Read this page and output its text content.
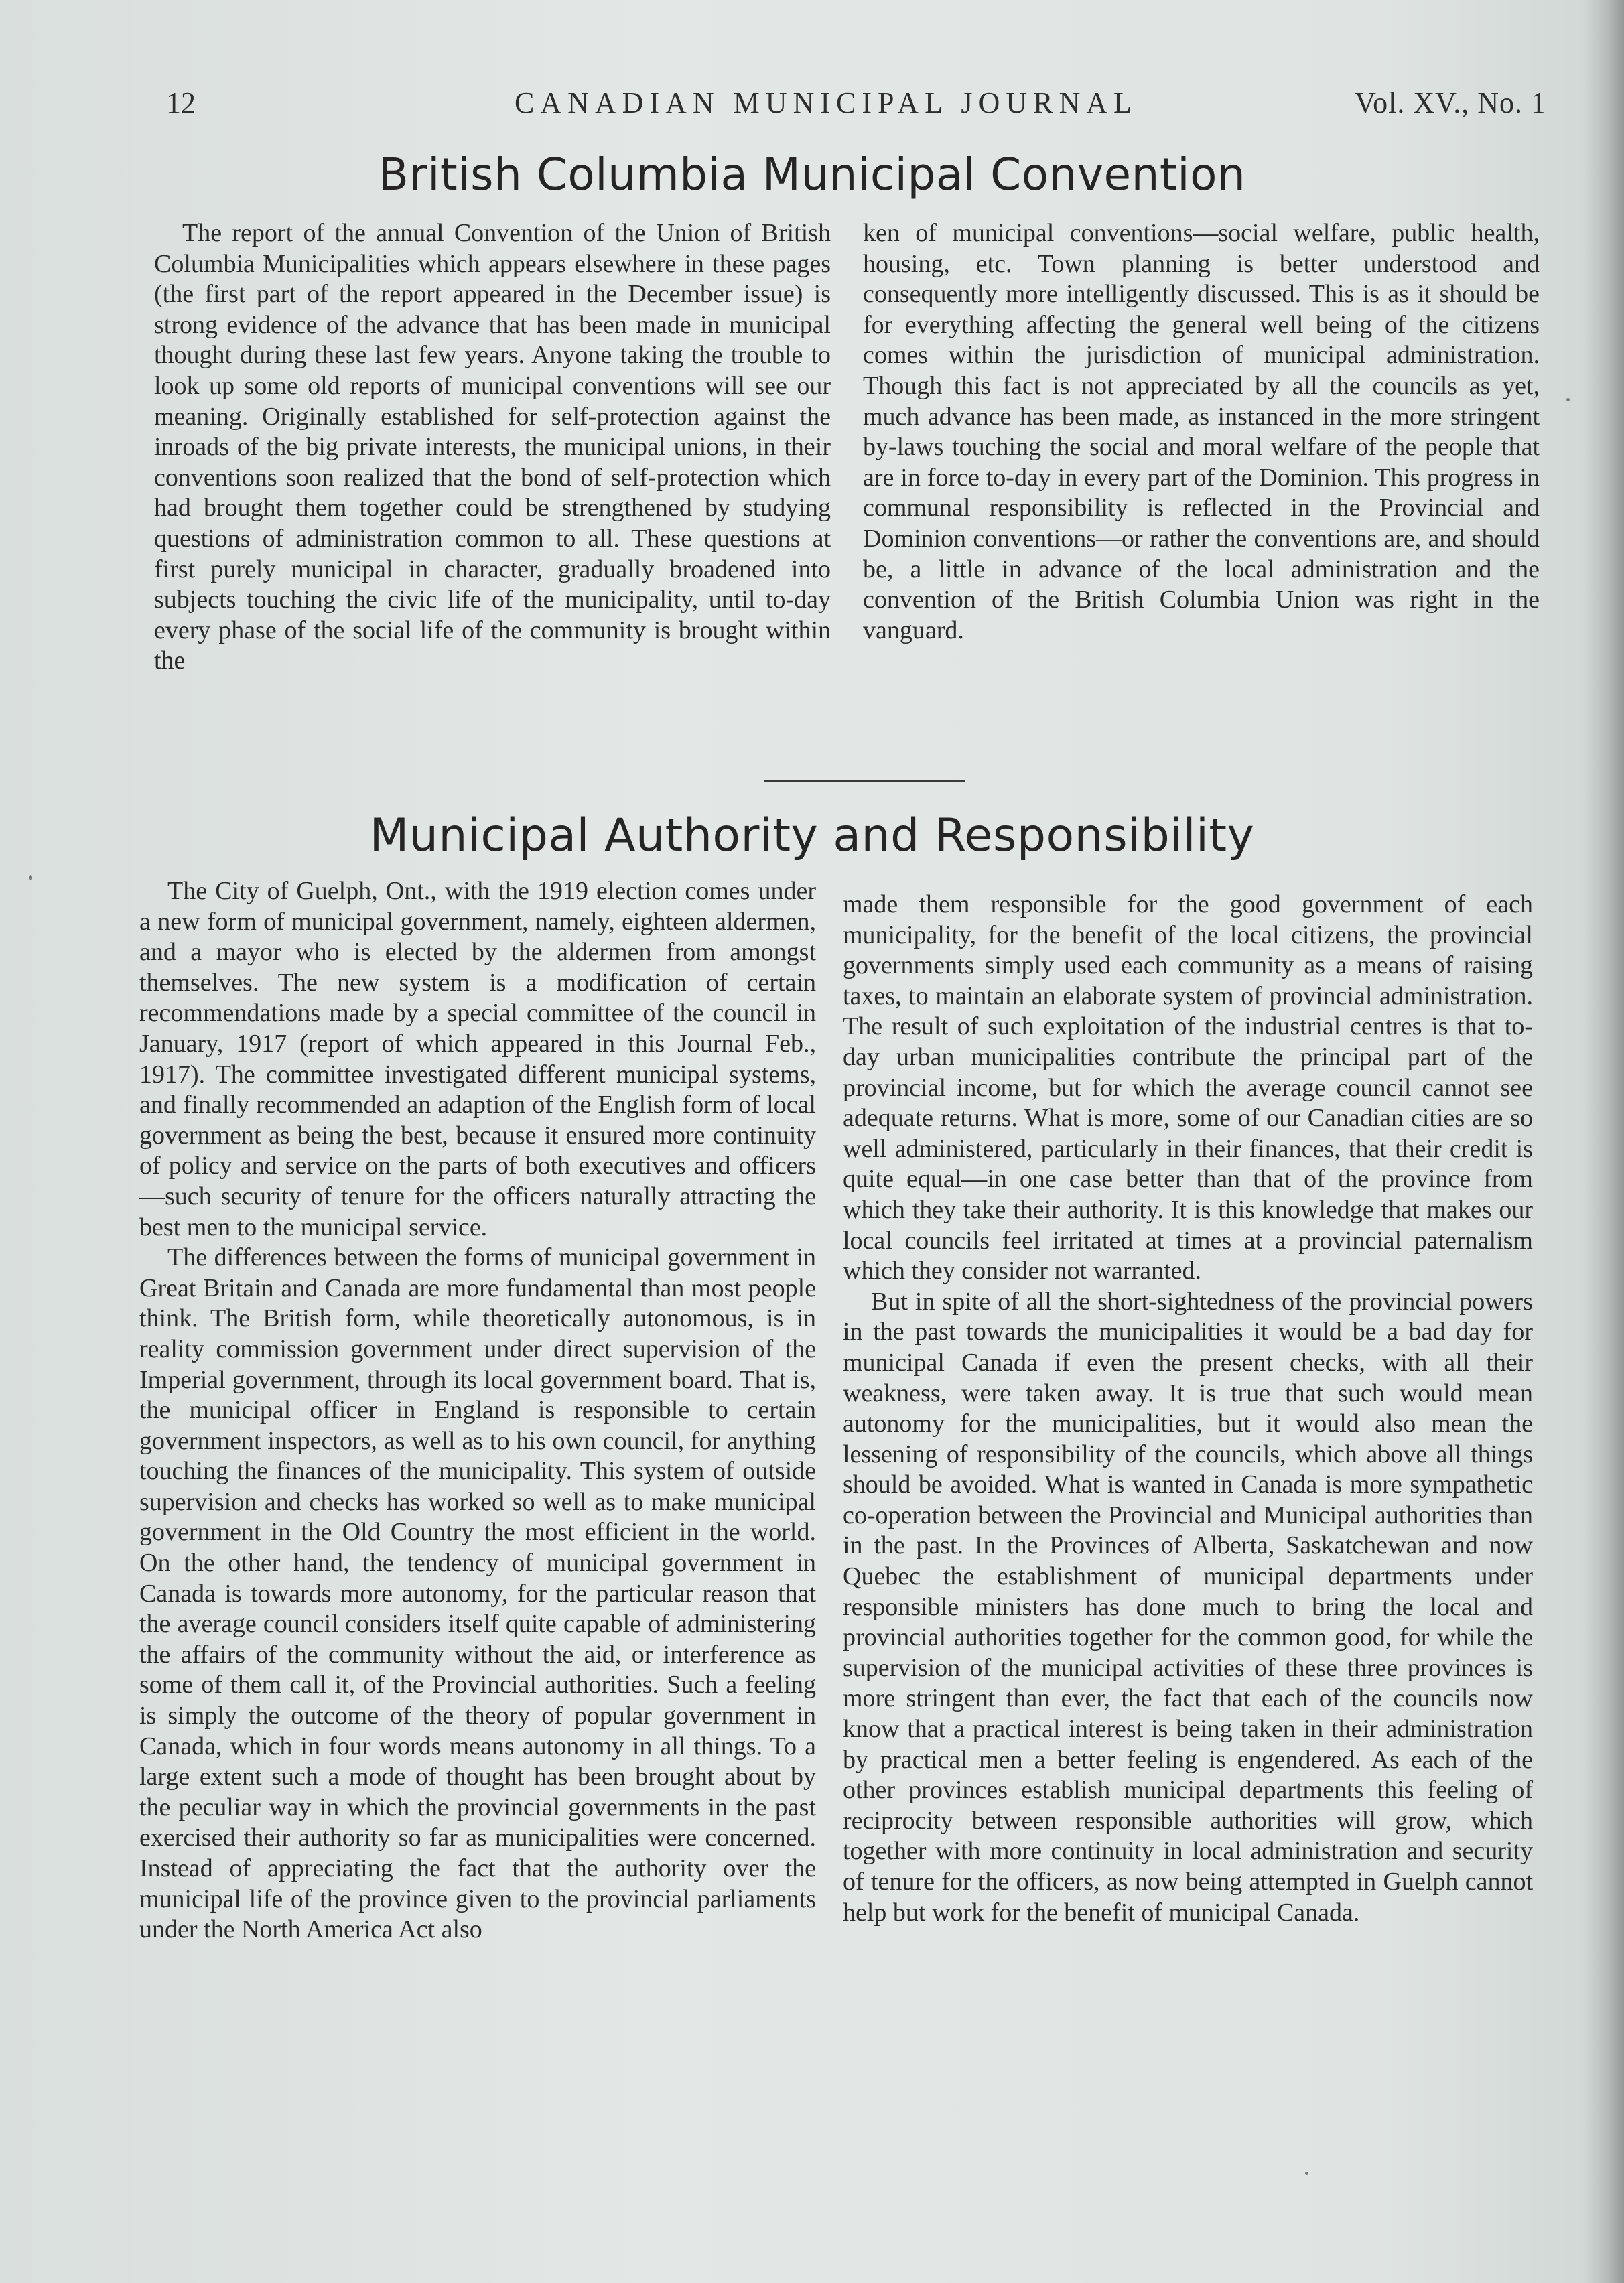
12	CANADIAN MUNICIPAL JOURNAL	Vol. XV., No. 1
British Columbia Municipal Convention

The report of the annual Convention of the Union of British Columbia Municipalities which appears elsewhere in these pages (the first part of the report appeared in the December issue) is strong evidence of the advance that has been made in municipal thought during these last few years. Anyone taking the trouble to look up some old reports of municipal conventions will see our meaning. Originally established for self-protection against the inroads of the big private interests, the municipal unions, in their conventions soon realized that the bond of self-protection which had brought them together could be strengthened by studying questions of administration common to all. These questions at first purely municipal in character, gradually broadened into subjects touching the civic life of the municipality, until to-day every phase of the social life of the community is brought within the

ken of municipal conventions—social welfare, public health, housing, etc. Town planning is better understood and consequently more intelligently discussed. This is as it should be for everything affecting the general well being of the citizens comes within the jurisdiction of municipal administration. Though this fact is not appreciated by all the councils as yet, much advance has been made, as instanced in the more stringent by-laws touching the social and moral welfare of the people that are in force to-day in every part of the Dominion. This progress in communal responsibility is reflected in the Provincial and Dominion conventions—or rather the conventions are, and should be, a little in advance of the local administration and the convention of the British Columbia Union was right in the vanguard.

Municipal Authority and Responsibility

The City of Guelph, Ont., with the 1919 election comes under a new form of municipal government, namely, eighteen aldermen, and a mayor who is elected by the aldermen from amongst themselves. The new system is a modification of certain recommendations made by a special committee of the council in January, 1917 (report of which appeared in this Journal Feb., 1917). The committee investigated different municipal systems, and finally recommended an adaption of the English form of local government as being the best, because it ensured more continuity of policy and service on the parts of both executives and officers—such security of tenure for the officers naturally attracting the best men to the municipal service.

The differences between the forms of municipal government in Great Britain and Canada are more fundamental than most people think. The British form, while theoretically autonomous, is in reality commission government under direct supervision of the Imperial government, through its local government board. That is, the municipal officer in England is responsible to certain government inspectors, as well as to his own council, for anything touching the finances of the municipality. This system of outside supervision and checks has worked so well as to make municipal government in the Old Country the most efficient in the world. On the other hand, the tendency of municipal government in Canada is towards more autonomy, for the particular reason that the average council considers itself quite capable of administering the affairs of the community without the aid, or interference as some of them call it, of the Provincial authorities. Such a feeling is simply the outcome of the theory of popular government in Canada, which in four words means autonomy in all things. To a large extent such a mode of thought has been brought about by the peculiar way in which the provincial governments in the past exercised their authority so far as municipalities were concerned. Instead of appreciating the fact that the authority over the municipal life of the province given to the provincial parliaments under the North America Act also

made them responsible for the good government of each municipality, for the benefit of the local citizens, the provincial governments simply used each community as a means of raising taxes, to maintain an elaborate system of provincial administration. The result of such exploitation of the industrial centres is that to-day urban municipalities contribute the principal part of the provincial income, but for which the average council cannot see adequate returns. What is more, some of our Canadian cities are so well administered, particularly in their finances, that their credit is quite equal—in one case better than that of the province from which they take their authority. It is this knowledge that makes our local councils feel irritated at times at a provincial paternalism which they consider not warranted.

But in spite of all the short-sightedness of the provincial powers in the past towards the municipalities it would be a bad day for municipal Canada if even the present checks, with all their weakness, were taken away. It is true that such would mean autonomy for the municipalities, but it would also mean the lessening of responsibility of the councils, which above all things should be avoided. What is wanted in Canada is more sympathetic co-operation between the Provincial and Municipal authorities than in the past. In the Provinces of Alberta, Saskatchewan and now Quebec the establishment of municipal departments under responsible ministers has done much to bring the local and provincial authorities together for the common good, for while the supervision of the municipal activities of these three provinces is more stringent than ever, the fact that each of the councils now know that a practical interest is being taken in their administration by practical men a better feeling is engendered. As each of the other provinces establish municipal departments this feeling of reciprocity between responsible authorities will grow, which together with more continuity in local administration and security of tenure for the officers, as now being attempted in Guelph cannot help but work for the benefit of municipal Canada.
